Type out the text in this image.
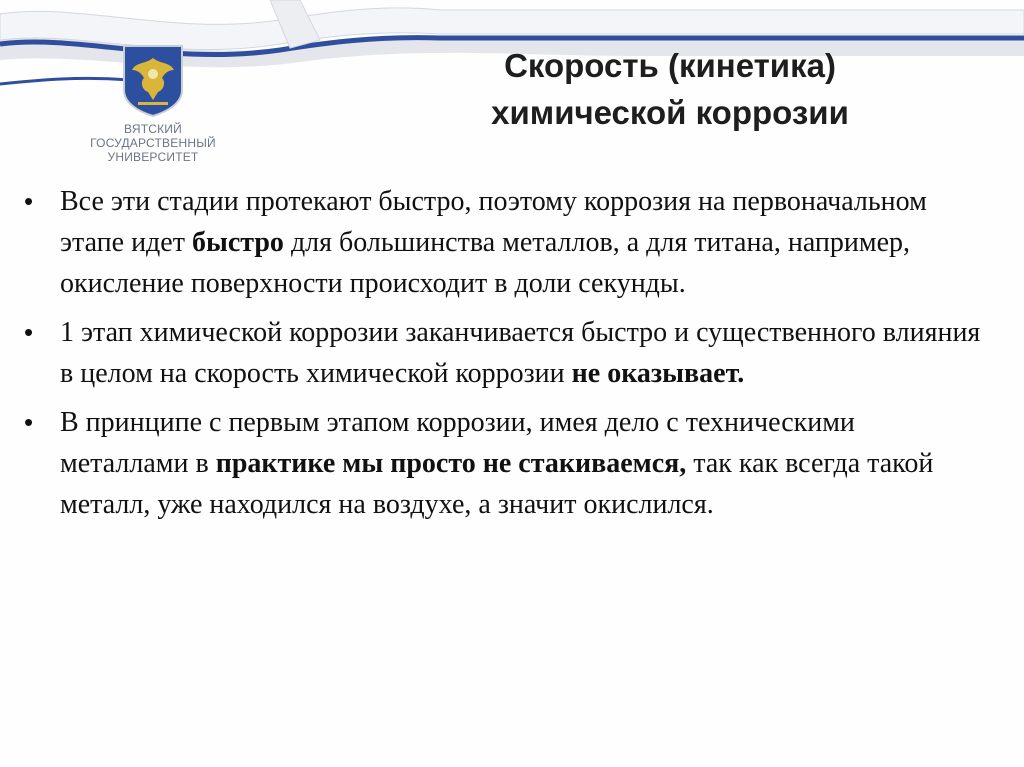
ВЯТСКИЙ
ГОСУДАРСТВЕННЫЙ
УНИВЕРСИТЕТ
Скорость (кинетика)
химической коррозии
• Все эти стадии протекают быстро, поэтому коррозия на первоначальном этапе идет быстро для большинства металлов, а для титана, например, окисление поверхности происходит в доли секунды.
• 1 этап химической коррозии заканчивается быстро и существенного влияния в целом на скорость химической коррозии не оказывает.
• В принципе с первым этапом коррозии, имея дело с техническими металлами в практике мы просто не стакиваемся, так как всегда такой металл, уже находился на воздухе, а значит окислился.
